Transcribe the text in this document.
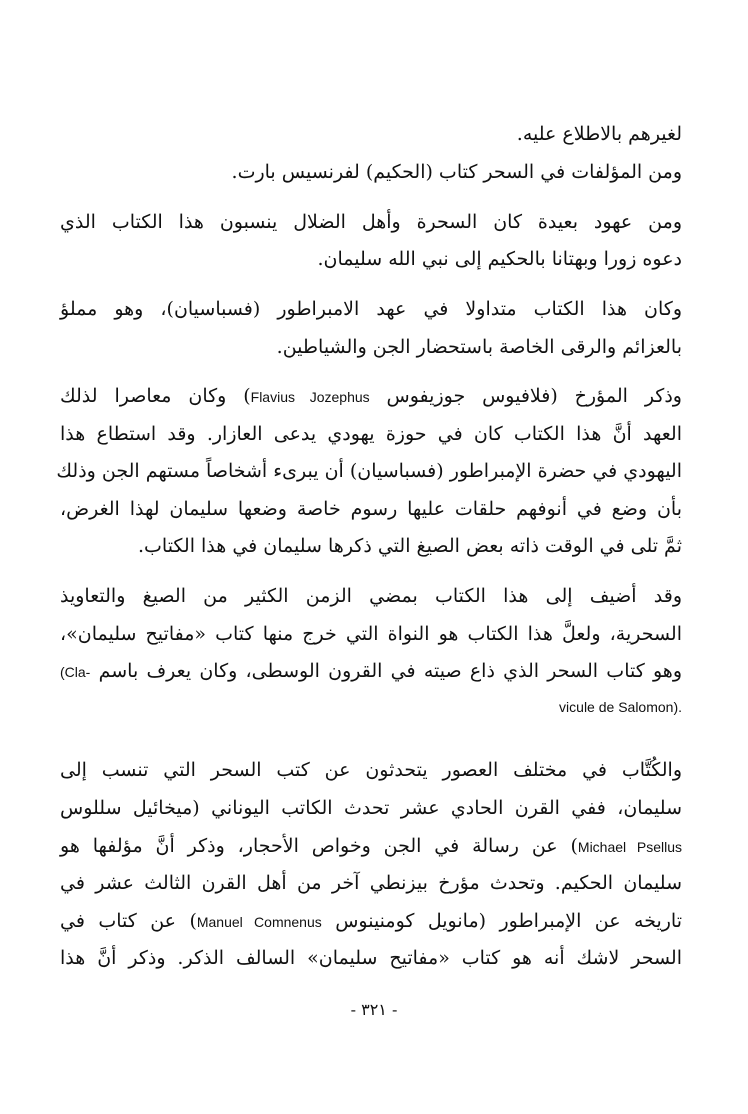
لغيرهم بالاطلاع عليه.
ومن المؤلفات في السحر كتاب (الحكيم) لفرنسيس بارت.
ومن عهود بعيدة كان السحرة وأهل الضلال ينسبون هذا الكتاب الذي
دعوه زورا وبهتانا بالحكيم إلى نبي الله سليمان.
وكان هذا الكتاب متداولا في عهد الامبراطور (فسباسيان)، وهو مملؤ
بالعزائم والرقى الخاصة باستحضار الجن والشياطين.
وذكر المؤرخ (فلافيوس جوزيفوس Flavius Jozephus) وكان معاصرا لذلك
العهد أنَّ هذا الكتاب كان في حوزة يهودي يدعى العازار. وقد استطاع هذا
اليهودي في حضرة الإمبراطور (فسباسيان) أن يبرىء أشخاصاً مستهم الجن وذلك
بأن وضع في أنوفهم حلقات عليها رسوم خاصة وضعها سليمان لهذا الغرض،
ثمَّ تلى في الوقت ذاته بعض الصيغ التي ذكرها سليمان في هذا الكتاب.
وقد أضيف إلى هذا الكتاب بمضي الزمن الكثير من الصيغ والتعاويذ
السحرية، ولعلَّ هذا الكتاب هو النواة التي خرج منها كتاب «مفاتيح سليمان»،
وهو كتاب السحر الذي ذاع صيته في القرون الوسطى، وكان يعرف باسم (Cla-
vicule de Salomon).
والكُتَّاب في مختلف العصور يتحدثون عن كتب السحر التي تنسب إلى
سليمان، ففي القرن الحادي عشر تحدث الكاتب اليوناني (ميخائيل سللوس
Michael Psellus) عن رسالة في الجن وخواص الأحجار، وذكر أنَّ مؤلفها هو
سليمان الحكيم. وتحدث مؤرخ بيزنطي آخر من أهل القرن الثالث عشر في
تاريخه عن الإمبراطور (مانويل كومنينوس Manuel Comnenus) عن كتاب في
السحر لاشك أنه هو كتاب «مفاتيح سليمان» السالف الذكر. وذكر أنَّ هذا
- ٣٢١ -
